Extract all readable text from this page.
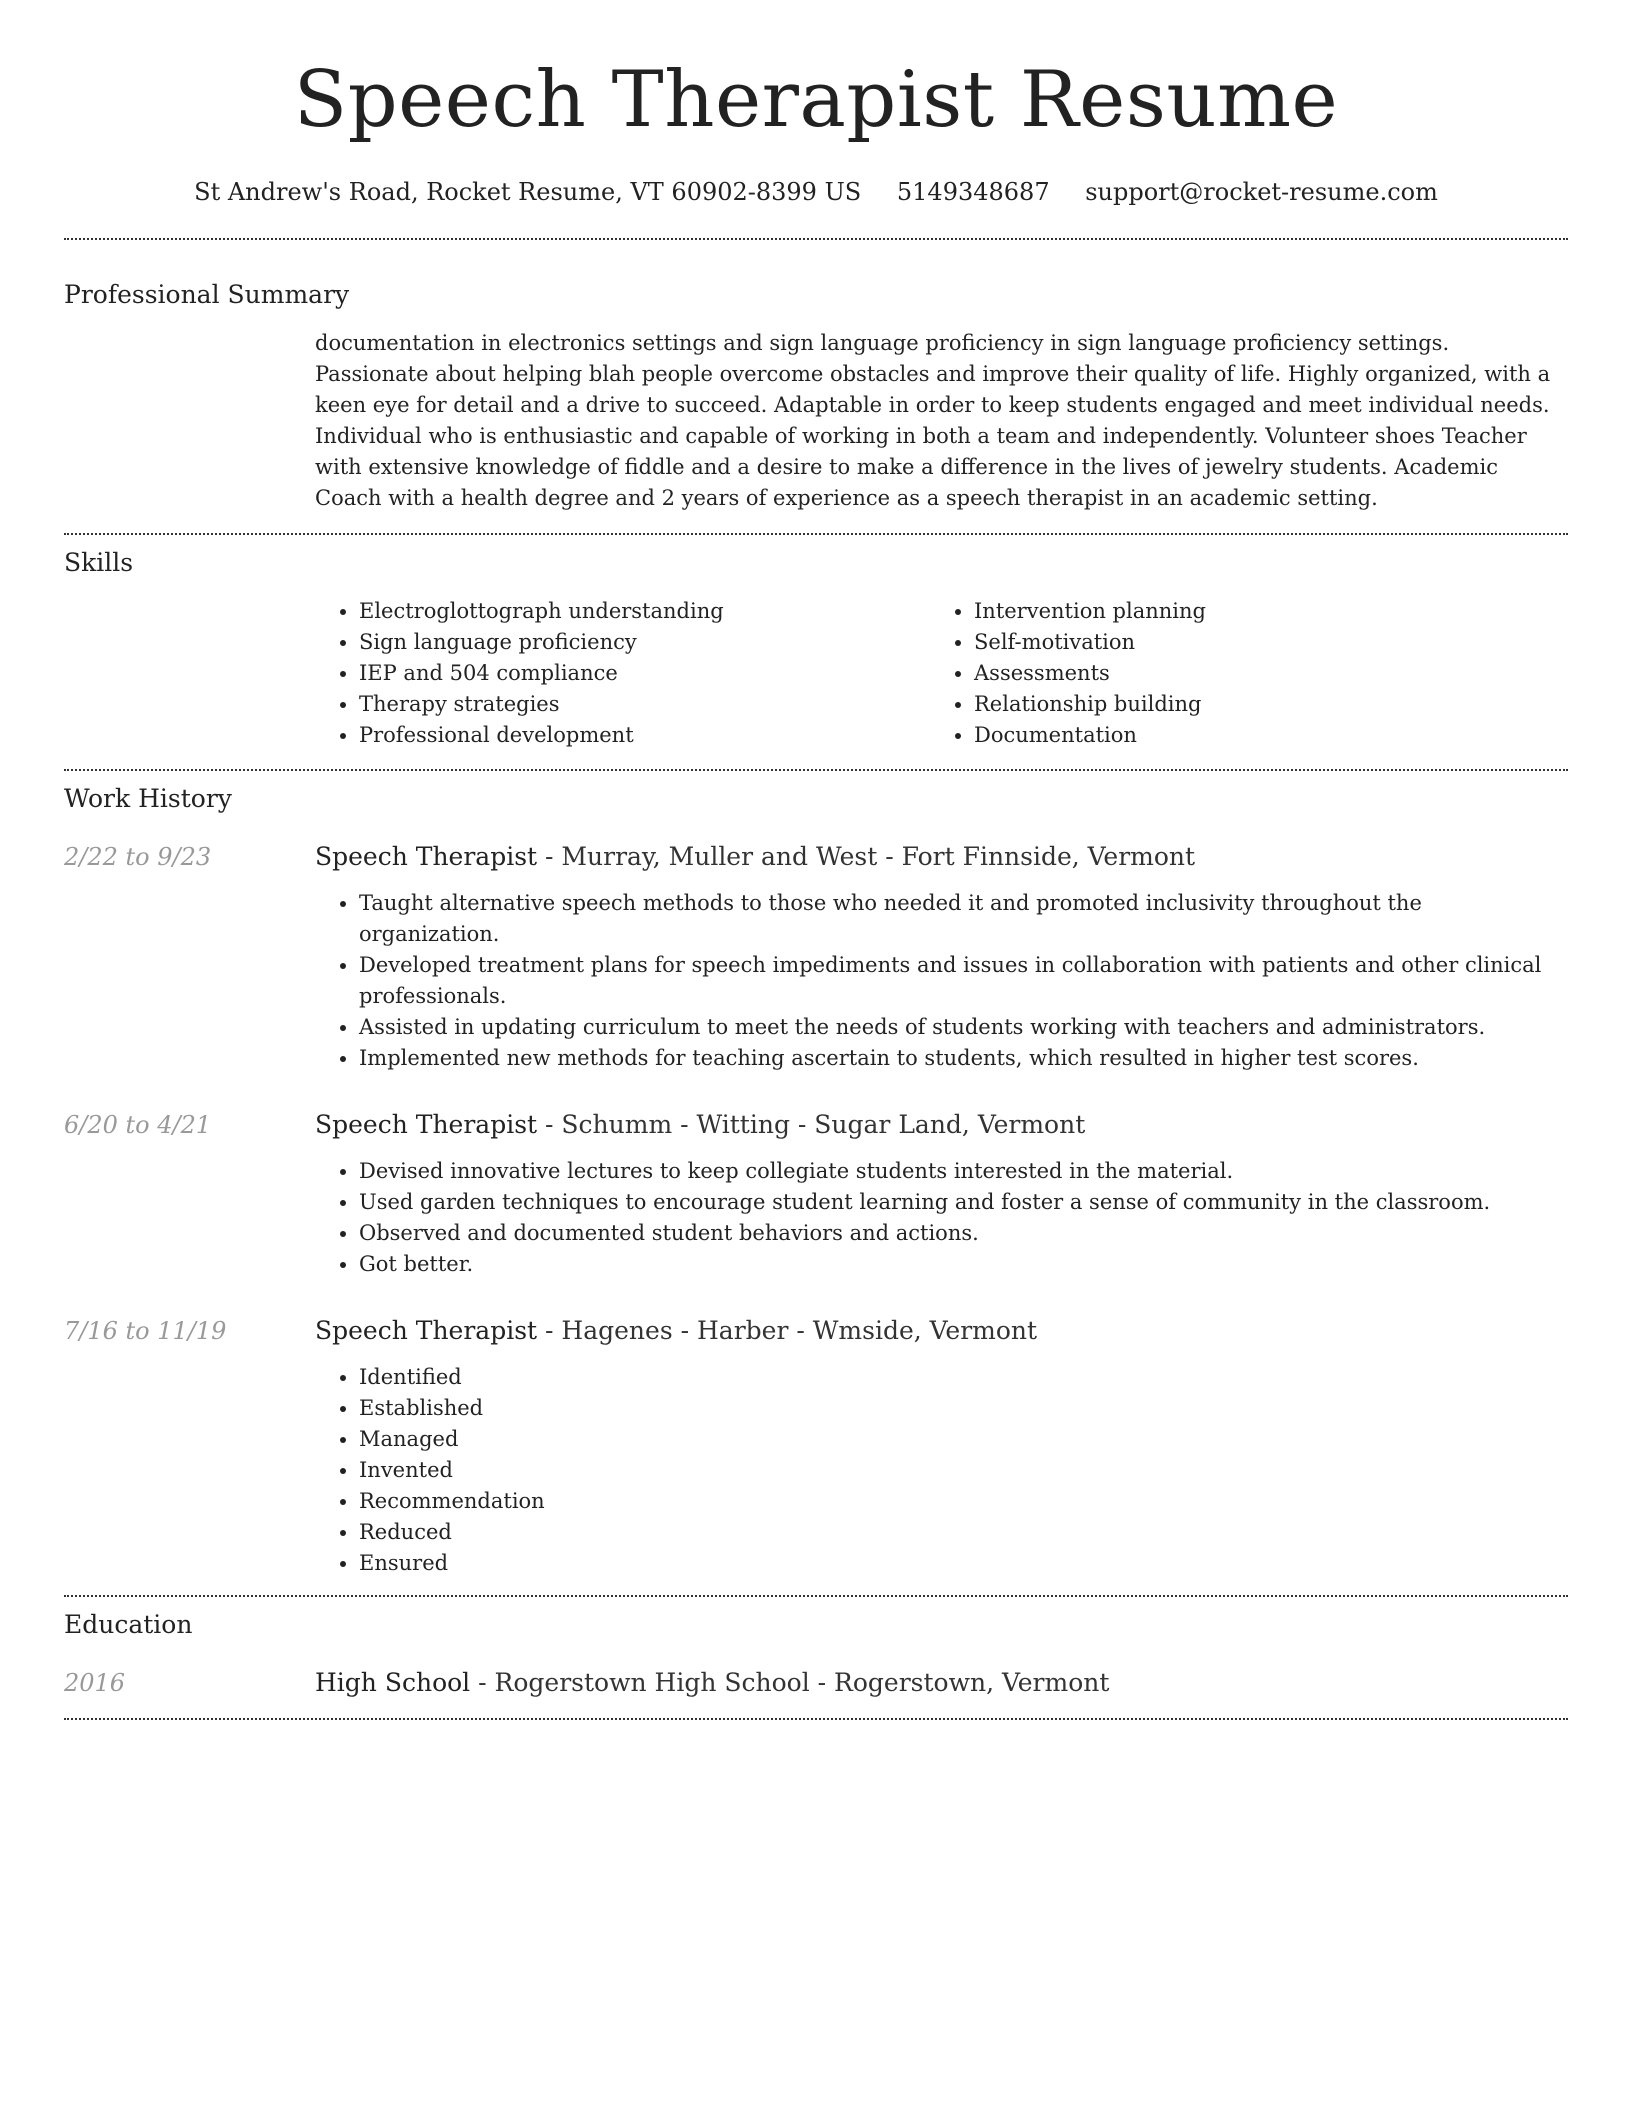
Speech Therapist Resume
St Andrew's Road, Rocket Resume, VT 60902-8399 US 5149348687 support@rocket-resume.com
Professional Summary

documentation in electronics settings and sign language proficiency in sign language proficiency settings. Passionate about helping blah people overcome obstacles and improve their quality of life. Highly organized, with a keen eye for detail and a drive to succeed. Adaptable in order to keep students engaged and meet individual needs. Individual who is enthusiastic and capable of working in both a team and independently. Volunteer shoes Teacher with extensive knowledge of fiddle and a desire to make a difference in the lives of jewelry students. Academic Coach with a health degree and 2 years of experience as a speech therapist in an academic setting.

Skills
• Electroglottograph understanding
• Sign language proficiency
• IEP and 504 compliance
• Therapy strategies
• Professional development
• Intervention planning
• Self-motivation
• Assessments
• Relationship building
• Documentation
Work History
2/22 to 9/23	Speech Therapist - Murray, Muller and West - Fort Finnside, Vermont
• Taught alternative speech methods to those who needed it and promoted inclusivity throughout the organization.
• Developed treatment plans for speech impediments and issues in collaboration with patients and other clinical professionals.
• Assisted in updating curriculum to meet the needs of students working with teachers and administrators.
• Implemented new methods for teaching ascertain to students, which resulted in higher test scores.
6/20 to 4/21	Speech Therapist - Schumm - Witting - Sugar Land, Vermont
• Devised innovative lectures to keep collegiate students interested in the material.
• Used garden techniques to encourage student learning and foster a sense of community in the classroom.
• Observed and documented student behaviors and actions.
• Got better.
7/16 to 11/19	Speech Therapist - Hagenes - Harber - Wmside, Vermont
• Identified
• Established
• Managed
• Invented
• Recommendation
• Reduced
• Ensured
Education
2016	High School - Rogerstown High School - Rogerstown, Vermont
